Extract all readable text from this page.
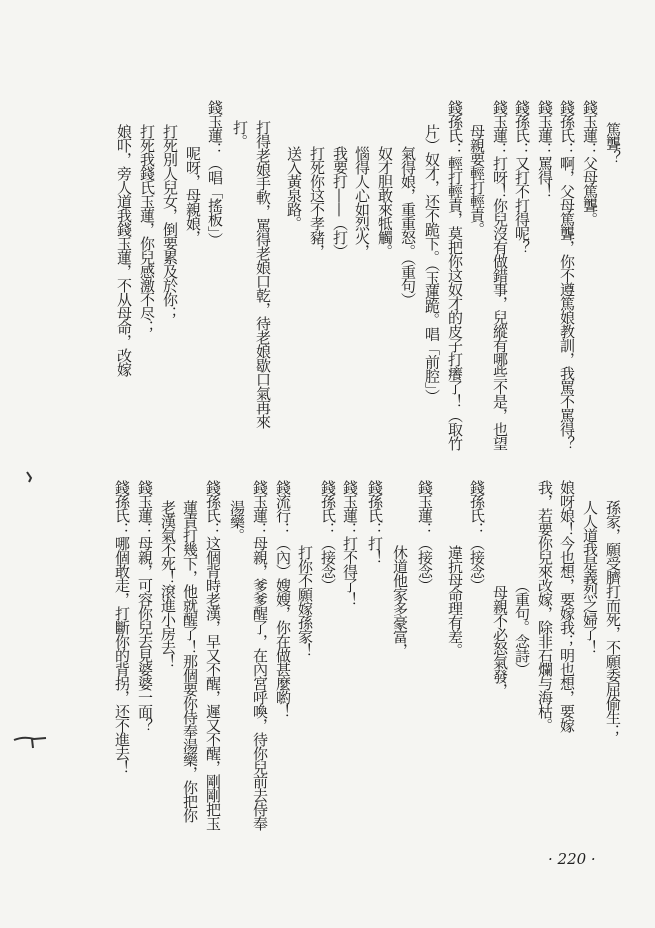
篤聾？
錢玉蓮：父母篤聾。
錢孫氏：啊，父母篤聾，你不遵篤娘教訓，我罵不罵得？
錢玉蓮：罵得！
錢孫氏：又打不打得呢？
錢玉蓮：打呀！你兒沒有做錯事，兒縱有哪些不是，也望
母親要輕打輕責。
錢孫氏：輕打輕責，莫把你这奴才的皮子打癢了！（取竹
片）奴才，还不跪下。（玉蓮跪。唱「前腔」）
氣得娘，重重怒。（重句）
奴才胆敢來牴觸。
惱得人心如烈火，
我要打——（打）
打死你这不孝豬，
送入黃泉路。
打得老娘手軟，罵得老娘口乾，待老娘歇口氣再來
打。
錢玉蓮：（唱「搖板」）
呢呀，母親娘，
打死別人兒女，倒要累及於你；
打死我錢氏玉蓮，你兒感激不尽；
娘吓，旁人道我錢玉蓮，不从母命，改嫁
孫家，願受臍打而死，不願委屈偷生；
人人道我是義烈之婦了！
娘呀娘！今也想，要嫁我；明也想，要嫁
我，若要你兒來改嫁，除非石爛与海枯。
（重句。念詩）
母親不必怒氣發，
錢孫氏：（接念）
違抗母命理有差。
錢玉蓮：（接念）
休道他家多豪富，
錢孫氏：打！
錢玉蓮：打不得了！
錢孫氏：（接念）
打你不願嫁孫家！
錢流行：（內）嫂嫂，你在做甚麼喲！
錢玉蓮：母親，爹爹醒了，在內宮呼喚，待你兒前去侍奉
湯藥。
錢孫氏：这個背時老漢，早又不醒，遲又不醒，剛剛把玉
蓮責打幾下，他就醒了！那個要你侍奉湯藥，你把你
老漢氣不死！滾進小房去！
錢玉蓮：母親，可容你兒去見婆婆一面？
錢孫氏：哪個敢走，打斷你的背拐，还不進去！
· 220 ·
